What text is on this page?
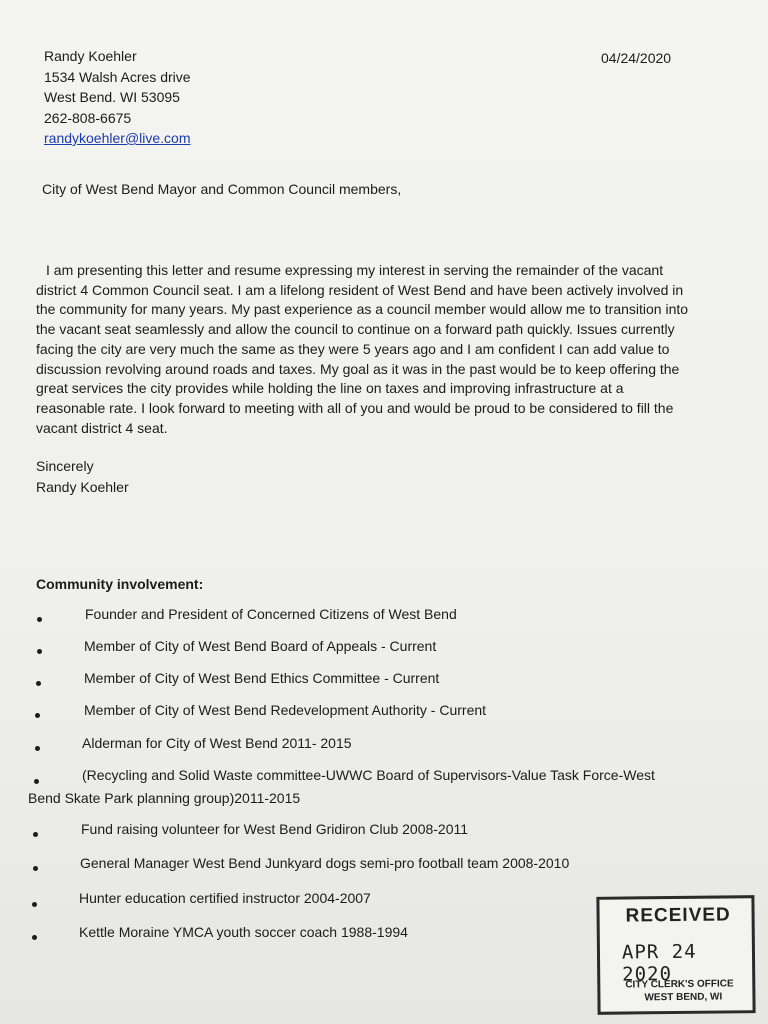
Randy Koehler
1534 Walsh Acres drive
West Bend. WI 53095
262-808-6675
randykoehler@live.com
04/24/2020
City of West Bend Mayor and Common Council members,
I am presenting this letter and resume expressing my interest in serving the remainder of the vacant district 4 Common Council seat. I am a lifelong resident of West Bend and have been actively involved in the community for many years. My past experience as a council member would allow me to transition into the vacant seat seamlessly and allow the council to continue on a forward path quickly. Issues currently facing the city are very much the same as they were 5 years ago and I am confident I can add value to discussion revolving around roads and taxes. My goal as it was in the past would be to keep offering the great services the city provides while holding the line on taxes and improving infrastructure at a reasonable rate. I look forward to meeting with all of you and would be proud to be considered to fill the vacant district 4 seat.
Sincerely
Randy Koehler
Community involvement:
Founder and President of Concerned Citizens of West Bend
Member of City of West Bend Board of Appeals - Current
Member of City of West Bend Ethics Committee - Current
Member of City of West Bend Redevelopment Authority - Current
Alderman for City of West Bend 2011- 2015
(Recycling and Solid Waste committee-UWWC Board of Supervisors-Value Task Force-West
Bend Skate Park planning group)2011-2015
Fund raising volunteer for West Bend Gridiron Club 2008-2011
General Manager West Bend Junkyard dogs semi-pro football team 2008-2010
Hunter education certified instructor 2004-2007
Kettle Moraine YMCA youth soccer coach 1988-1994
RECEIVED
APR 24 2020
CITY CLERK'S OFFICE
WEST BEND, WI
